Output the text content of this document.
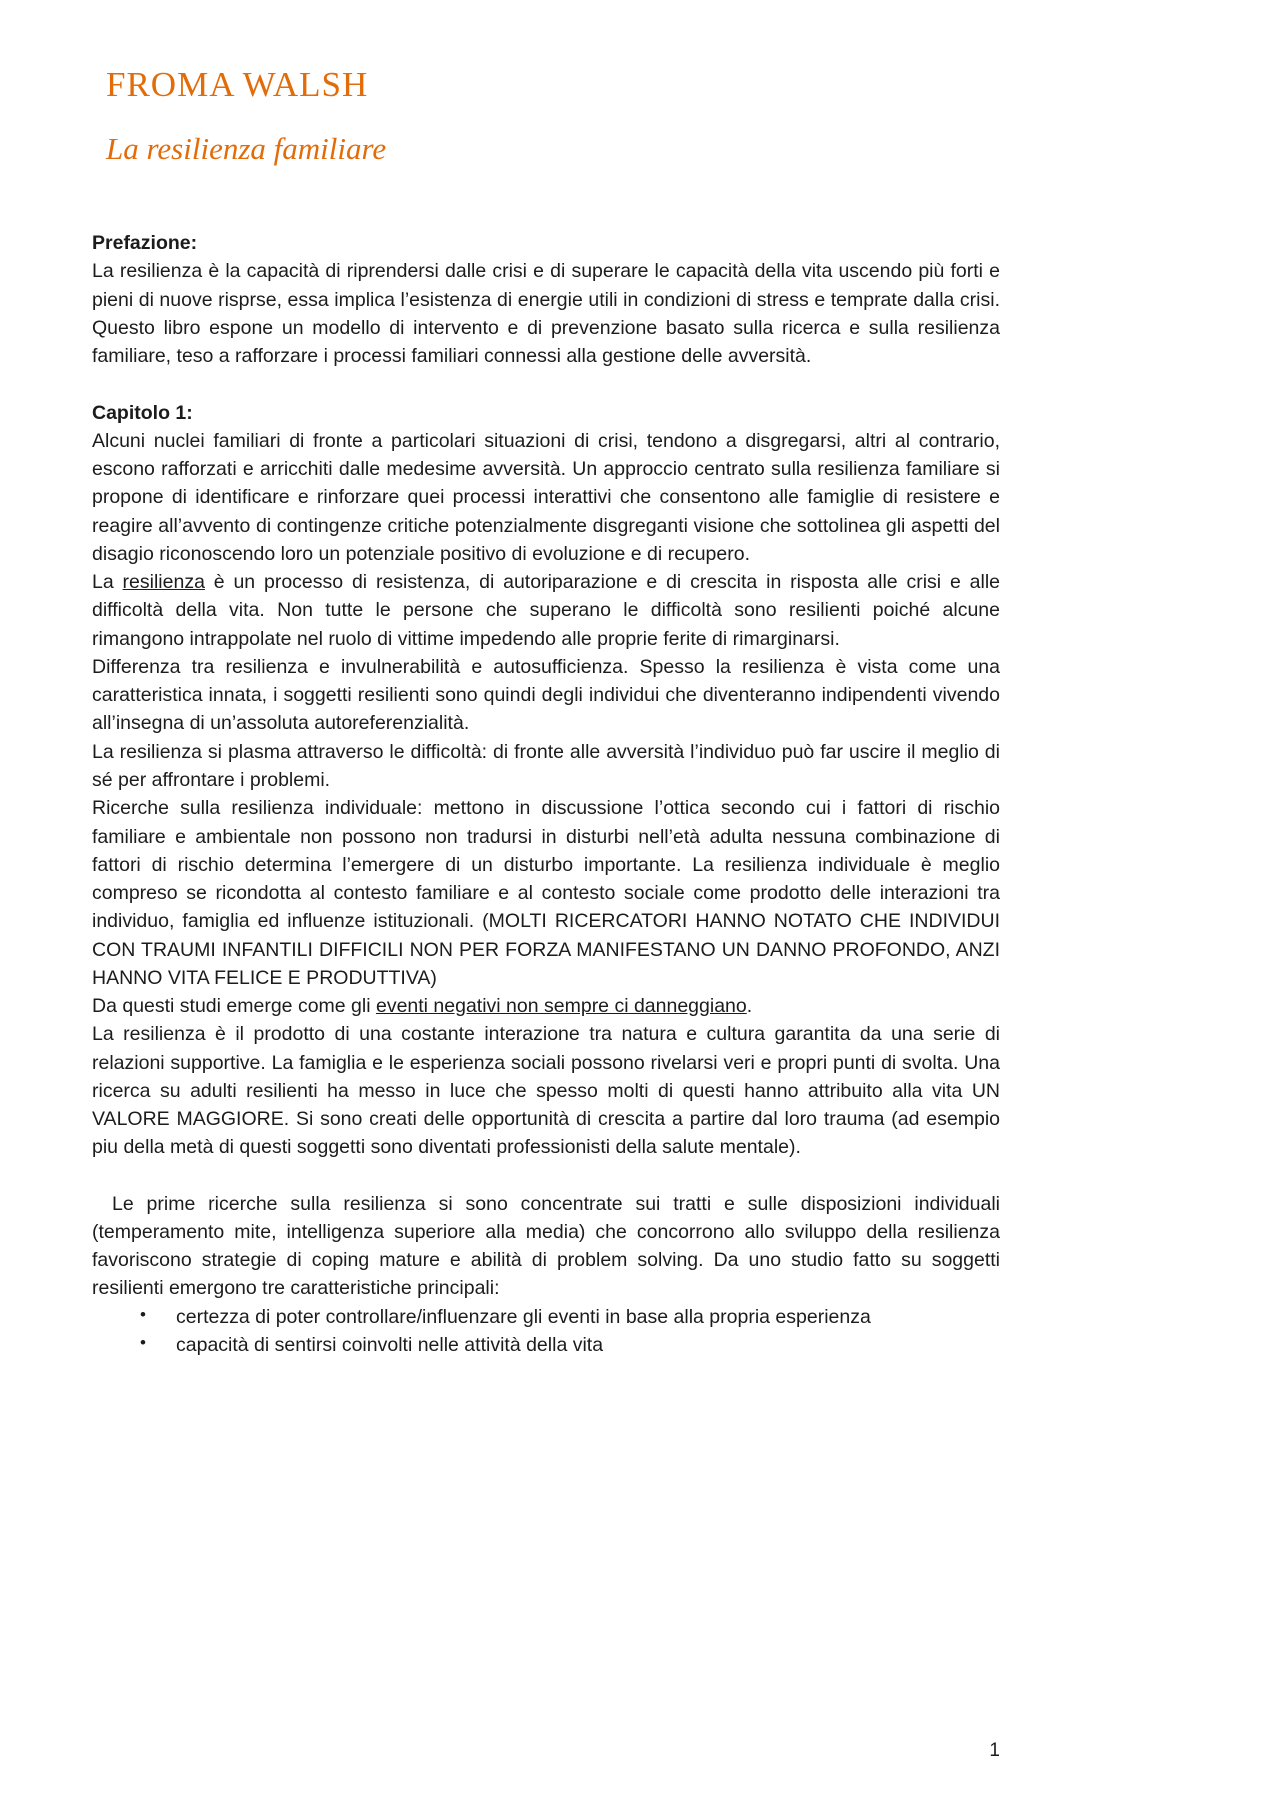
FROMA WALSH
La resilienza familiare

Prefazione:

La resilienza è la capacità di riprendersi dalle crisi e di superare le capacità della vita uscendo più forti e pieni di nuove risprse, essa implica l’esistenza di energie utili in condizioni di stress e temprate dalla crisi. Questo libro espone un modello di intervento e di prevenzione basato sulla ricerca e sulla resilienza familiare, teso a rafforzare i processi familiari connessi alla gestione delle avversità.

Capitolo 1:

Alcuni nuclei familiari di fronte a particolari situazioni di crisi, tendono a disgregarsi, altri al contrario, escono rafforzati e arricchiti dalle medesime avversità. Un approccio centrato sulla resilienza familiare si propone di identificare e rinforzare quei processi interattivi che consentono alle famiglie di resistere e reagire all’avvento di contingenze critiche potenzialmente disgreganti visione che sottolinea gli aspetti del disagio riconoscendo loro un potenziale positivo di evoluzione e di recupero.

La resilienza è un processo di resistenza, di autoriparazione e di crescita in risposta alle crisi e alle difficoltà della vita. Non tutte le persone che superano le difficoltà sono resilienti poiché alcune rimangono intrappolate nel ruolo di vittime impedendo alle proprie ferite di rimarginarsi.

Differenza tra resilienza e invulnerabilità e autosufficienza. Spesso la resilienza è vista come una caratteristica innata, i soggetti resilienti sono quindi degli individui che diventeranno indipendenti vivendo all’insegna di un’assoluta autoreferenzialità.

La resilienza si plasma attraverso le difficoltà: di fronte alle avversità l’individuo può far uscire il meglio di sé per affrontare i problemi.

Ricerche sulla resilienza individuale: mettono in discussione l’ottica secondo cui i fattori di rischio familiare e ambientale non possono non tradursi in disturbi nell’età adulta nessuna combinazione di fattori di rischio determina l’emergere di un disturbo importante. La resilienza individuale è meglio compreso se ricondotta al contesto familiare e al contesto sociale come prodotto delle interazioni tra individuo, famiglia ed influenze istituzionali. (MOLTI RICERCATORI HANNO NOTATO CHE INDIVIDUI CON TRAUMI INFANTILI DIFFICILI NON PER FORZA MANIFESTANO UN DANNO PROFONDO, ANZI HANNO VITA FELICE E PRODUTTIVA)

Da questi studi emerge come gli eventi negativi non sempre ci danneggiano.

La resilienza è il prodotto di una costante interazione tra natura e cultura garantita da una serie di relazioni supportive. La famiglia e le esperienza sociali possono rivelarsi veri e propri punti di svolta. Una ricerca su adulti resilienti ha messo in luce che spesso molti di questi hanno attribuito alla vita UN VALORE MAGGIORE. Si sono creati delle opportunità di crescita a partire dal loro trauma (ad esempio piu della metà di questi soggetti sono diventati professionisti della salute mentale).

Le prime ricerche sulla resilienza si sono concentrate sui tratti e sulle disposizioni individuali (temperamento mite, intelligenza superiore alla media) che concorrono allo sviluppo della resilienza favoriscono strategie di coping mature e abilità di problem solving. Da uno studio fatto su soggetti resilienti emergono tre caratteristiche principali:

• certezza di poter controllare/influenzare gli eventi in base alla propria esperienza
• capacità di sentirsi coinvolti nelle attività della vita
1
